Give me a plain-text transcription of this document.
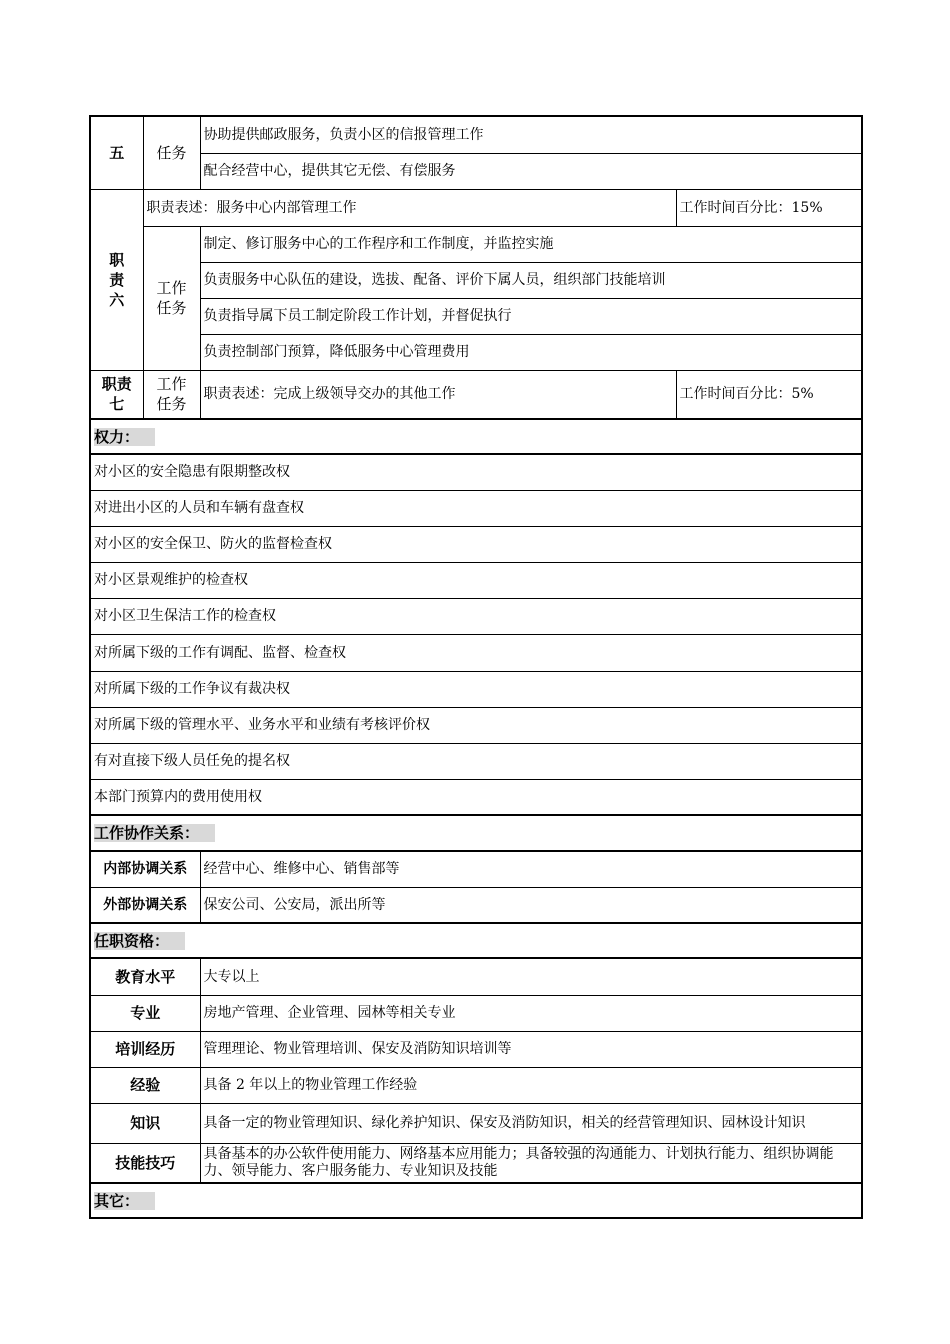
五	任务	协助提供邮政服务，负责小区的信报管理工作	
		配合经营中心，提供其它无偿、有偿服务	
职责六	职责表述：服务中心内部管理工作		工作时间百分比：15%
	工作任务	制定、修订服务中心的工作程序和工作制度，并监控实施	
		负责服务中心队伍的建设，选拔、配备、评价下属人员，组织部门技能培训	
		负责指导属下员工制定阶段工作计划，并督促执行	
		负责控制部门预算，降低服务中心管理费用	
职责七	工作任务	职责表述：完成上级领导交办的其他工作	工作时间百分比：5%
权力：			
对小区的安全隐患有限期整改权			
对进出小区的人员和车辆有盘查权			
对小区的安全保卫、防火的监督检查权			
对小区景观维护的检查权			
对小区卫生保洁工作的检查权			
对所属下级的工作有调配、监督、检查权			
对所属下级的工作争议有裁决权			
对所属下级的管理水平、业务水平和业绩有考核评价权			
有对直接下级人员任免的提名权			
本部门预算内的费用使用权			
工作协作关系：			
内部协调关系		经营中心、维修中心、销售部等	
外部协调关系		保安公司、公安局，派出所等	
任职资格：			
教育水平		大专以上	
专业		房地产管理、企业管理、园林等相关专业	
培训经历		管理理论、物业管理培训、保安及消防知识培训等	
经验		具备 2 年以上的物业管理工作经验	
知识		具备一定的物业管理知识、绿化养护知识、保安及消防知识，相关的经营管理知识、园林设计知识	
技能技巧		具备基本的办公软件使用能力、网络基本应用能力；具备较强的沟通能力、计划执行能力、组织协调能力、领导能力、客户服务能力、专业知识及技能	
其它：			
